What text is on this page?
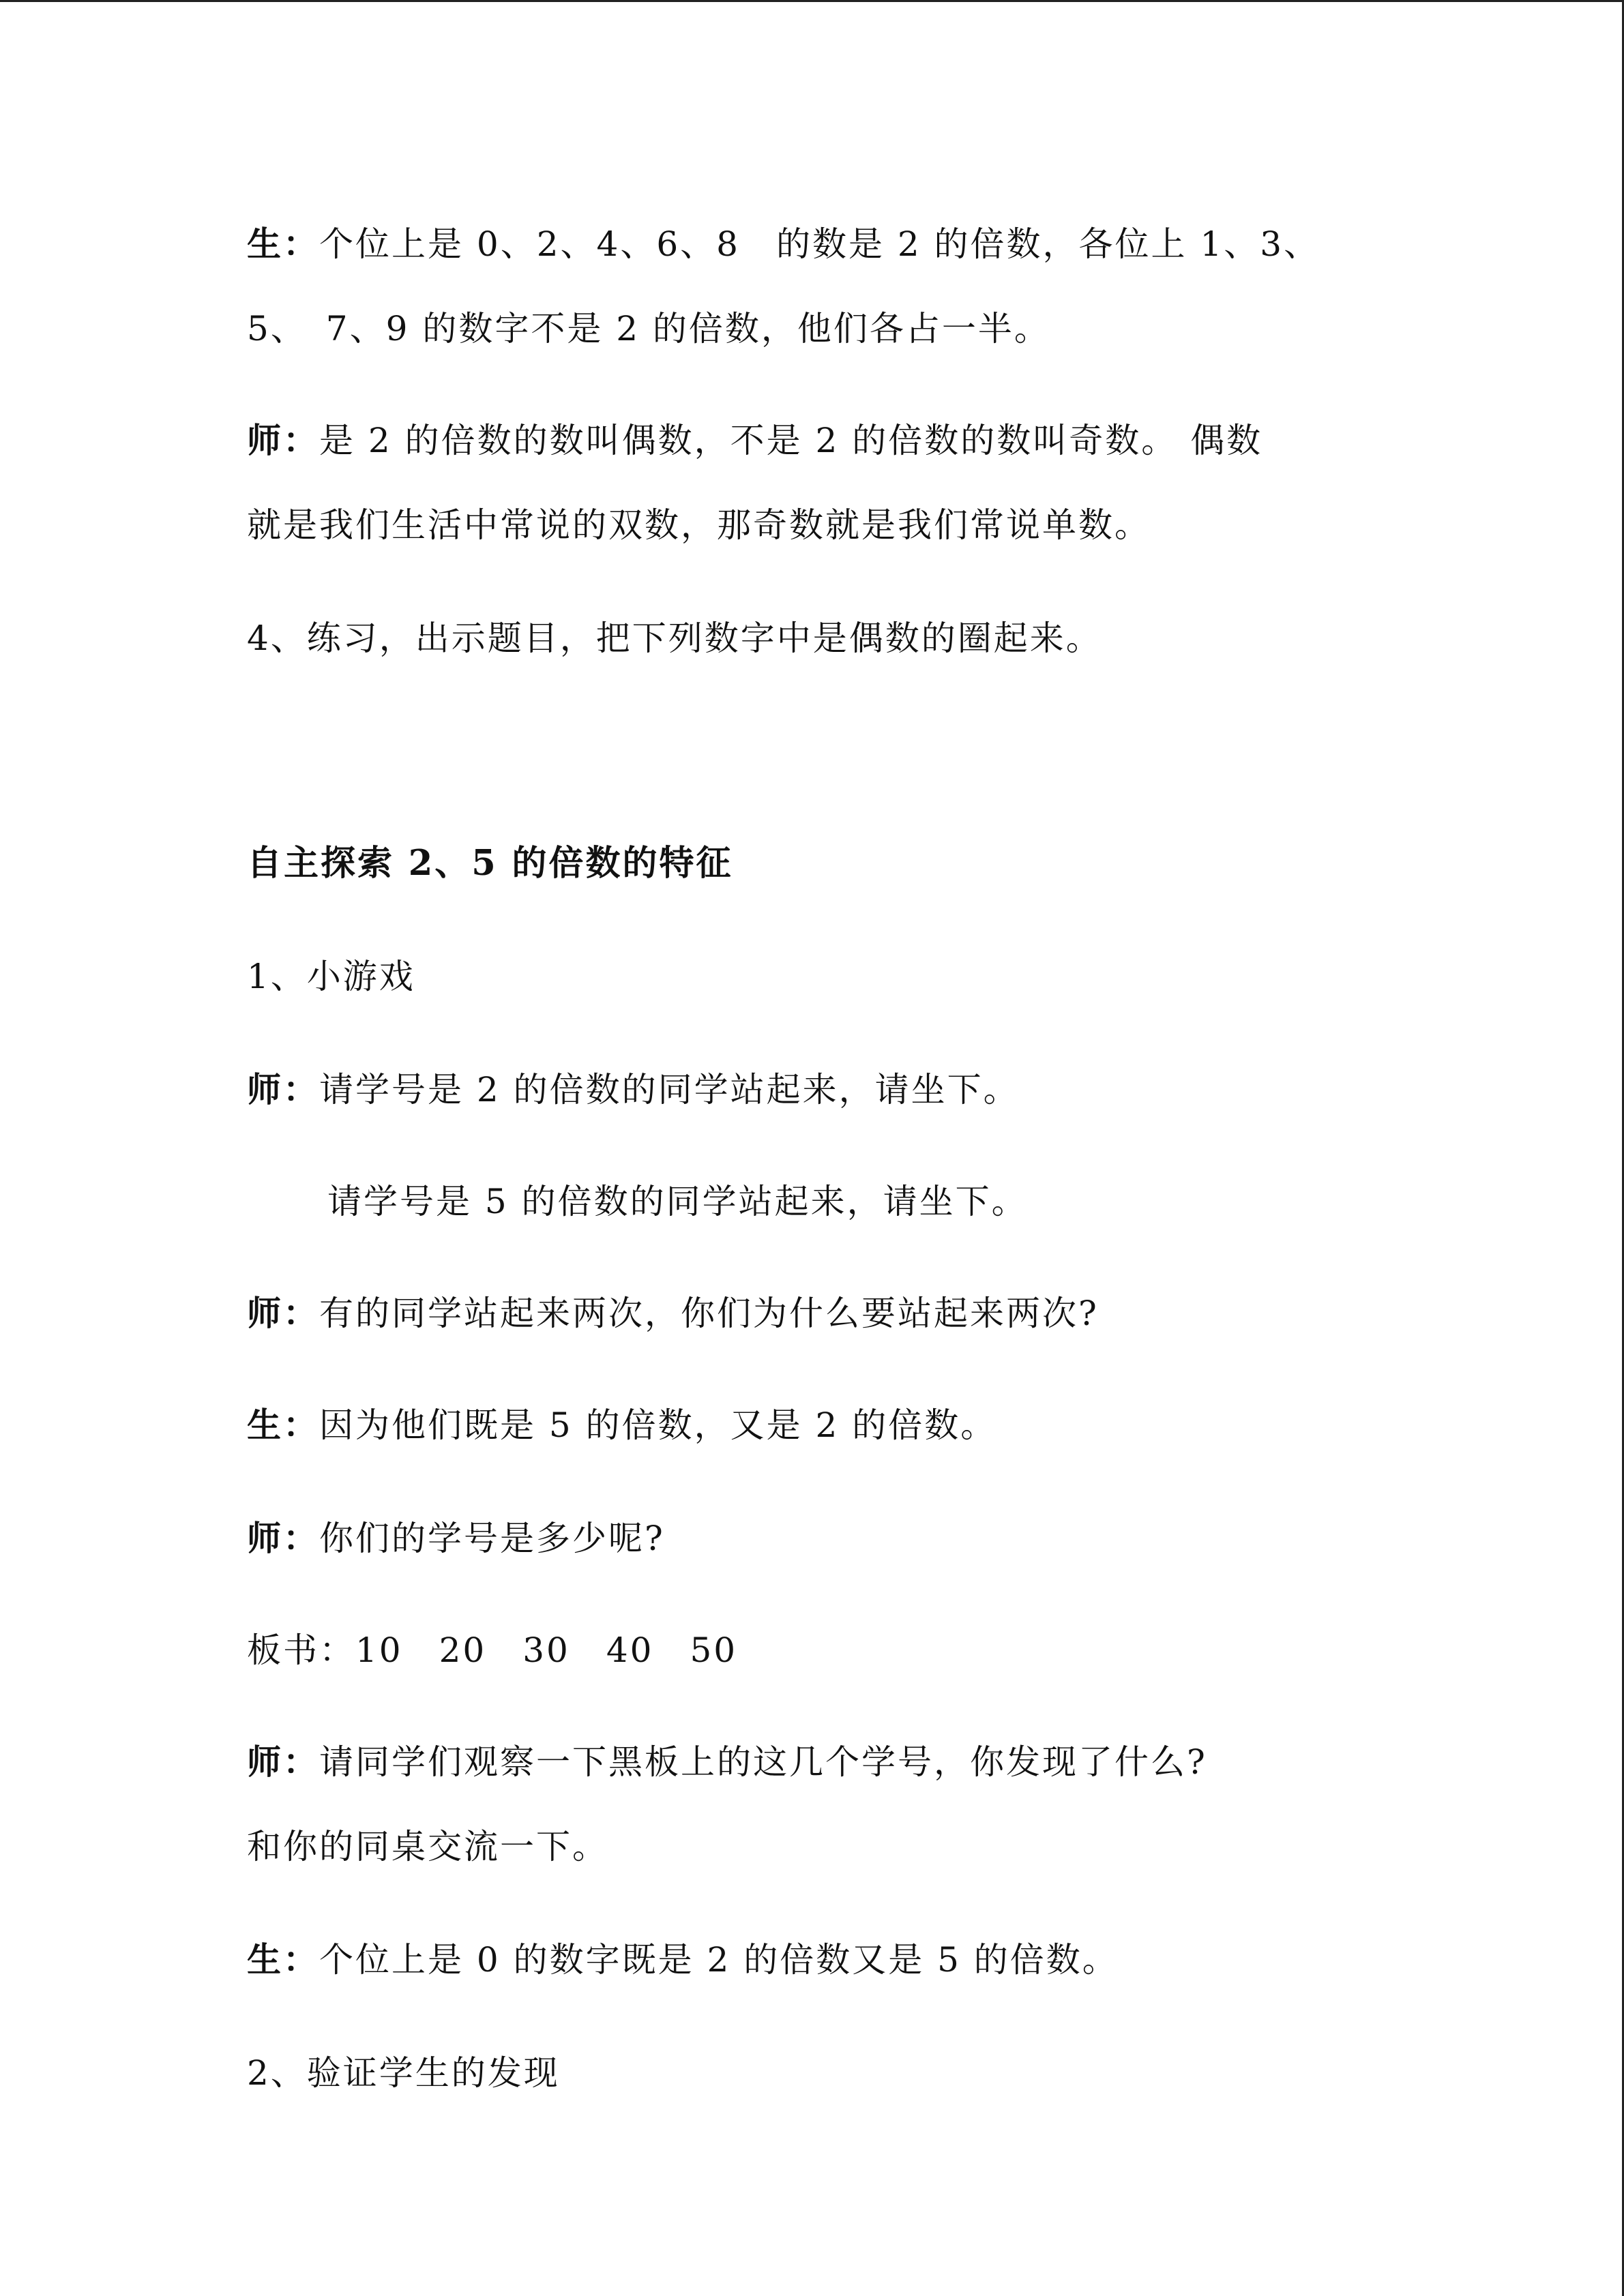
生：个位上是 0、2、4、6、8　的数是 2 的倍数，各位上 1、3、
5、　7、9 的数字不是 2 的倍数，他们各占一半。
师：是 2 的倍数的数叫偶数，不是 2 的倍数的数叫奇数。 偶数
就是我们生活中常说的双数，那奇数就是我们常说单数。
4、练习，出示题目，把下列数字中是偶数的圈起来。
自主探索 2、5 的倍数的特征
1、小游戏
师：请学号是 2 的倍数的同学站起来，请坐下。
请学号是 5 的倍数的同学站起来，请坐下。
师：有的同学站起来两次，你们为什么要站起来两次?
生：因为他们既是 5 的倍数，又是 2 的倍数。
师：你们的学号是多少呢?
板书：10　20　30　40　50
师：请同学们观察一下黑板上的这几个学号，你发现了什么?
和你的同桌交流一下。
生：个位上是 0 的数字既是 2 的倍数又是 5 的倍数。
2、验证学生的发现
